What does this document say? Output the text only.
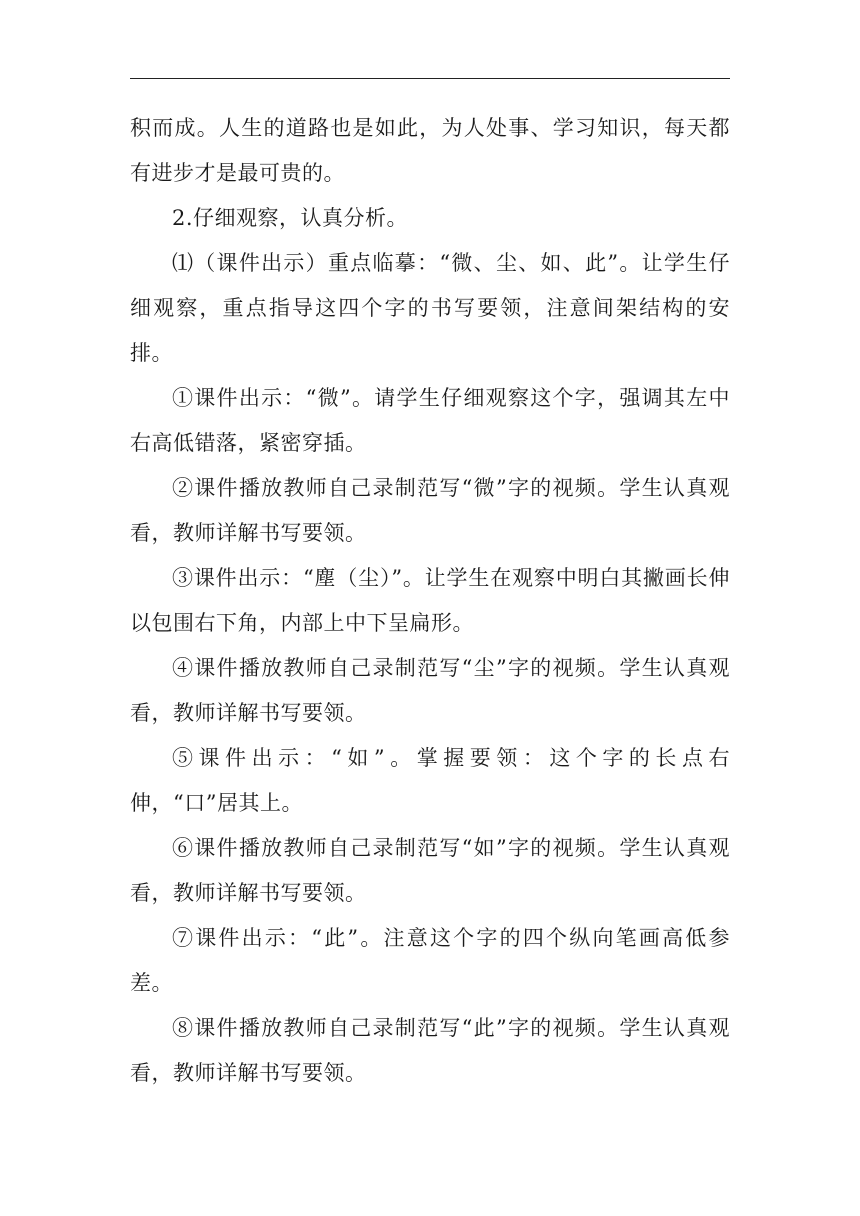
积而成。人生的道路也是如此，为人处事、学习知识，每天都有进步才是最可贵的。

2.仔细观察，认真分析。

⑴（课件出示）重点临摹：“微、尘、如、此”。让学生仔细观察，重点指导这四个字的书写要领，注意间架结构的安排。

①课件出示：“微”。请学生仔细观察这个字，强调其左中右高低错落，紧密穿插。

②课件播放教师自己录制范写“微”字的视频。学生认真观看，教师详解书写要领。

③课件出示：“塵（尘）”。让学生在观察中明白其撇画长伸以包围右下角，内部上中下呈扁形。

④课件播放教师自己录制范写“尘”字的视频。学生认真观看，教师详解书写要领。

⑤课件出示：“如”。掌握要领：这个字的长点右伸，“口”居其上。

⑥课件播放教师自己录制范写“如”字的视频。学生认真观看，教师详解书写要领。

⑦课件出示：“此”。注意这个字的四个纵向笔画高低参差。

⑧课件播放教师自己录制范写“此”字的视频。学生认真观看，教师详解书写要领。
